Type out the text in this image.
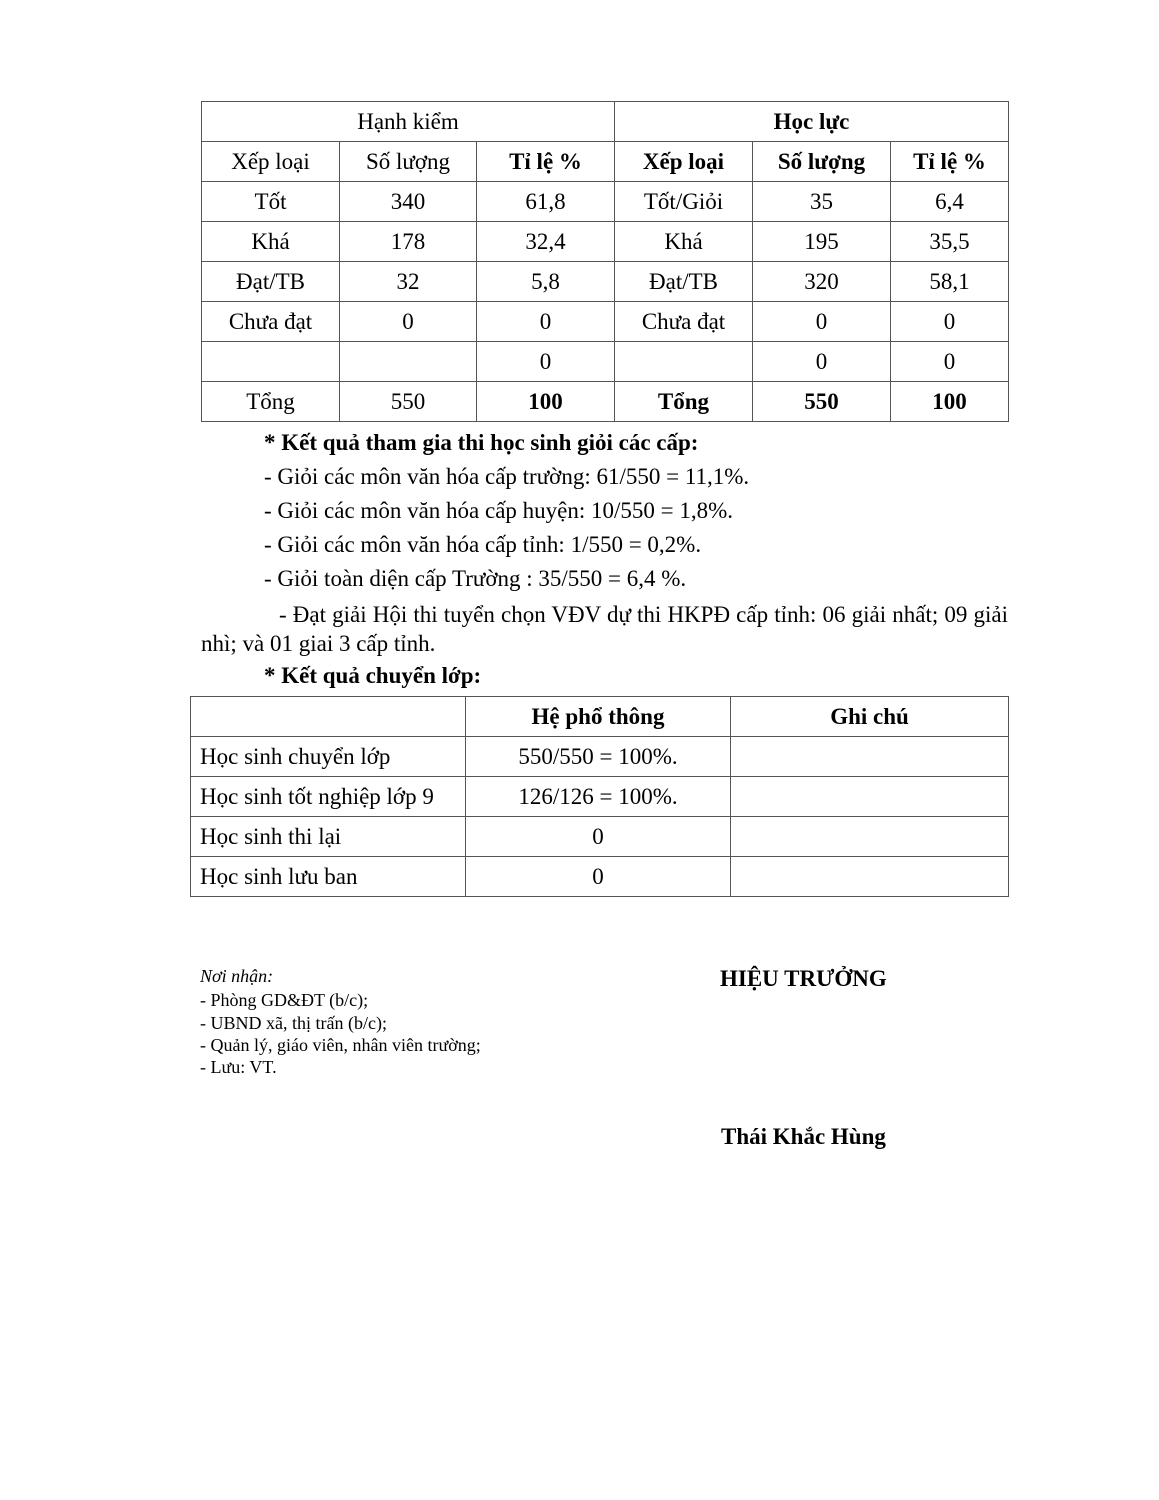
Hạnh kiểm			Học lực		
Xếp loại	Số lượng	Tỉ lệ %	Xếp loại	Số lượng	Tỉ lệ %
Tốt	340	61,8	Tốt/Giỏi	35	6,4
Khá	178	32,4	Khá	195	35,5
Đạt/TB	32	5,8	Đạt/TB	320	58,1
Chưa đạt	0	0	Chưa đạt	0	0
		0		0	0
Tổng	550	100	Tổng	550	100
* Kết quả tham gia thi học sinh giỏi các cấp:
- Giỏi các môn văn hóa cấp trường: 61/550 = 11,1%.
- Giỏi các môn văn hóa cấp huyện: 10/550 = 1,8%.
- Giỏi các môn văn hóa cấp tỉnh: 1/550 = 0,2%.
- Giỏi toàn diện cấp Trường : 35/550 = 6,4 %.
- Đạt giải Hội thi tuyển chọn VĐV dự thi HKPĐ cấp tỉnh: 06 giải nhất; 09 giải nhì; và 01 giai 3 cấp tỉnh.
* Kết quả chuyển lớp:
	Hệ phổ thông	Ghi chú
Học sinh chuyển lớp	550/550 = 100%.	
Học sinh tốt nghiệp lớp 9	126/126 = 100%.	
Học sinh thi lại	0	
Học sinh lưu ban	0	
Nơi nhận:
- Phòng GD&ĐT (b/c);
- UBND xã, thị trấn (b/c);
- Quản lý, giáo viên, nhân viên trường;
- Lưu: VT.
HIỆU TRƯỞNG
Thái Khắc Hùng
